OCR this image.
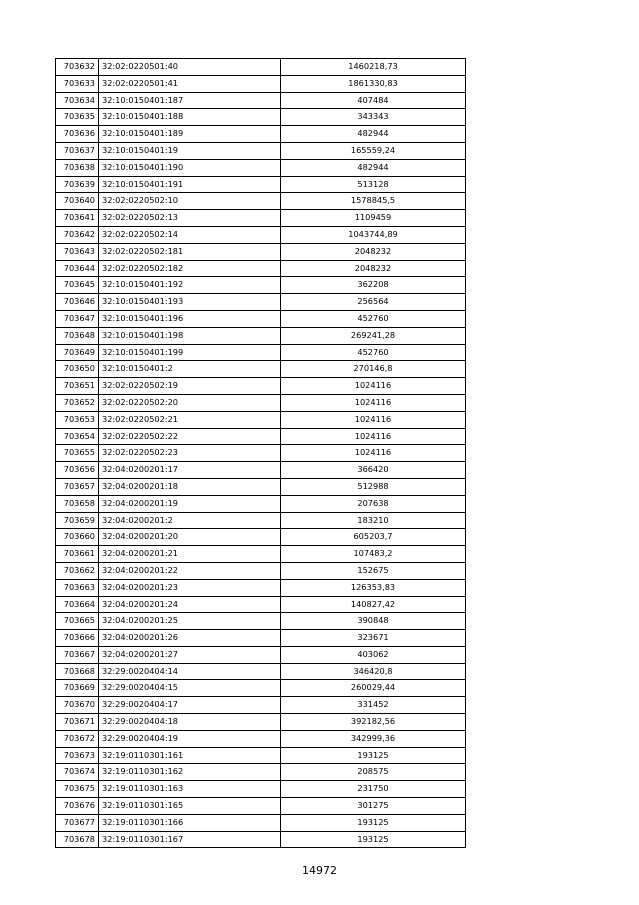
703632	32:02:0220501:40	1460218,73
703633	32:02:0220501:41	1861330,83
703634	32:10:0150401:187	407484
703635	32:10:0150401:188	343343
703636	32:10:0150401:189	482944
703637	32:10:0150401:19	165559,24
703638	32:10:0150401:190	482944
703639	32:10:0150401:191	513128
703640	32:02:0220502:10	1578845,5
703641	32:02:0220502:13	1109459
703642	32:02:0220502:14	1043744,89
703643	32:02:0220502:181	2048232
703644	32:02:0220502:182	2048232
703645	32:10:0150401:192	362208
703646	32:10:0150401:193	256564
703647	32:10:0150401:196	452760
703648	32:10:0150401:198	269241,28
703649	32:10:0150401:199	452760
703650	32:10:0150401:2	270146,8
703651	32:02:0220502:19	1024116
703652	32:02:0220502:20	1024116
703653	32:02:0220502:21	1024116
703654	32:02:0220502:22	1024116
703655	32:02:0220502:23	1024116
703656	32:04:0200201:17	366420
703657	32:04:0200201:18	512988
703658	32:04:0200201:19	207638
703659	32:04:0200201:2	183210
703660	32:04:0200201:20	605203,7
703661	32:04:0200201:21	107483,2
703662	32:04:0200201:22	152675
703663	32:04:0200201:23	126353,83
703664	32:04:0200201:24	140827,42
703665	32:04:0200201:25	390848
703666	32:04:0200201:26	323671
703667	32:04:0200201:27	403062
703668	32:29:0020404:14	346420,8
703669	32:29:0020404:15	260029,44
703670	32:29:0020404:17	331452
703671	32:29:0020404:18	392182,56
703672	32:29:0020404:19	342999,36
703673	32:19:0110301:161	193125
703674	32:19:0110301:162	208575
703675	32:19:0110301:163	231750
703676	32:19:0110301:165	301275
703677	32:19:0110301:166	193125
703678	32:19:0110301:167	193125
14972
